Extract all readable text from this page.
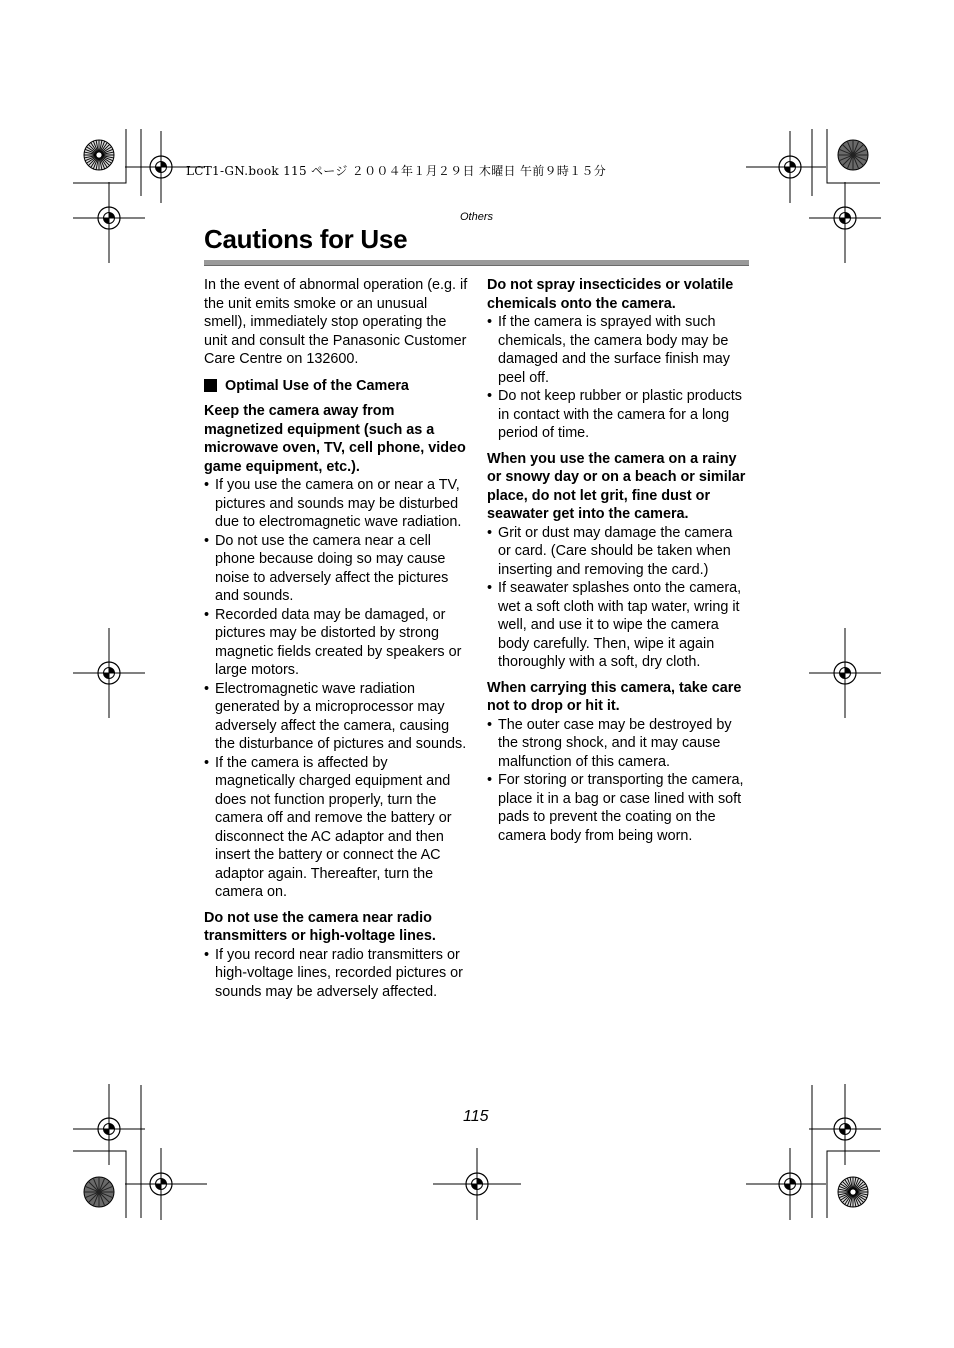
LCT1-GN.book 115 ページ ２００４年１月２９日 木曜日 午前９時１５分
Others
Cautions for Use

In the event of abnormal operation (e.g. if the unit emits smoke or an unusual smell), immediately stop operating the unit and consult the Panasonic Customer Care Centre on 132600.

Optimal Use of the Camera

Keep the camera away from magnetized equipment (such as a microwave oven, TV, cell phone, video game equipment, etc.).

• If you use the camera on or near a TV, pictures and sounds may be disturbed due to electromagnetic wave radiation.
• Do not use the camera near a cell phone because doing so may cause noise to adversely affect the pictures and sounds.
• Recorded data may be damaged, or pictures may be distorted by strong magnetic fields created by speakers or large motors.
• Electromagnetic wave radiation generated by a microprocessor may adversely affect the camera, causing the disturbance of pictures and sounds.
• If the camera is affected by magnetically charged equipment and does not function properly, turn the camera off and remove the battery or disconnect the AC adaptor and then insert the battery or connect the AC adaptor again. Thereafter, turn the camera on.

Do not use the camera near radio transmitters or high-voltage lines.

• If you record near radio transmitters or high-voltage lines, recorded pictures or sounds may be adversely affected.

Do not spray insecticides or volatile chemicals onto the camera.

• If the camera is sprayed with such chemicals, the camera body may be damaged and the surface finish may peel off.
• Do not keep rubber or plastic products in contact with the camera for a long period of time.

When you use the camera on a rainy or snowy day or on a beach or similar place, do not let grit, fine dust or seawater get into the camera.

• Grit or dust may damage the camera or card. (Care should be taken when inserting and removing the card.)
• If seawater splashes onto the camera, wet a soft cloth with tap water, wring it well, and use it to wipe the camera body carefully. Then, wipe it again thoroughly with a soft, dry cloth.

When carrying this camera, take care not to drop or hit it.

• The outer case may be destroyed by the strong shock, and it may cause malfunction of this camera.
• For storing or transporting the camera, place it in a bag or case lined with soft pads to prevent the coating on the camera body from being worn.
115
